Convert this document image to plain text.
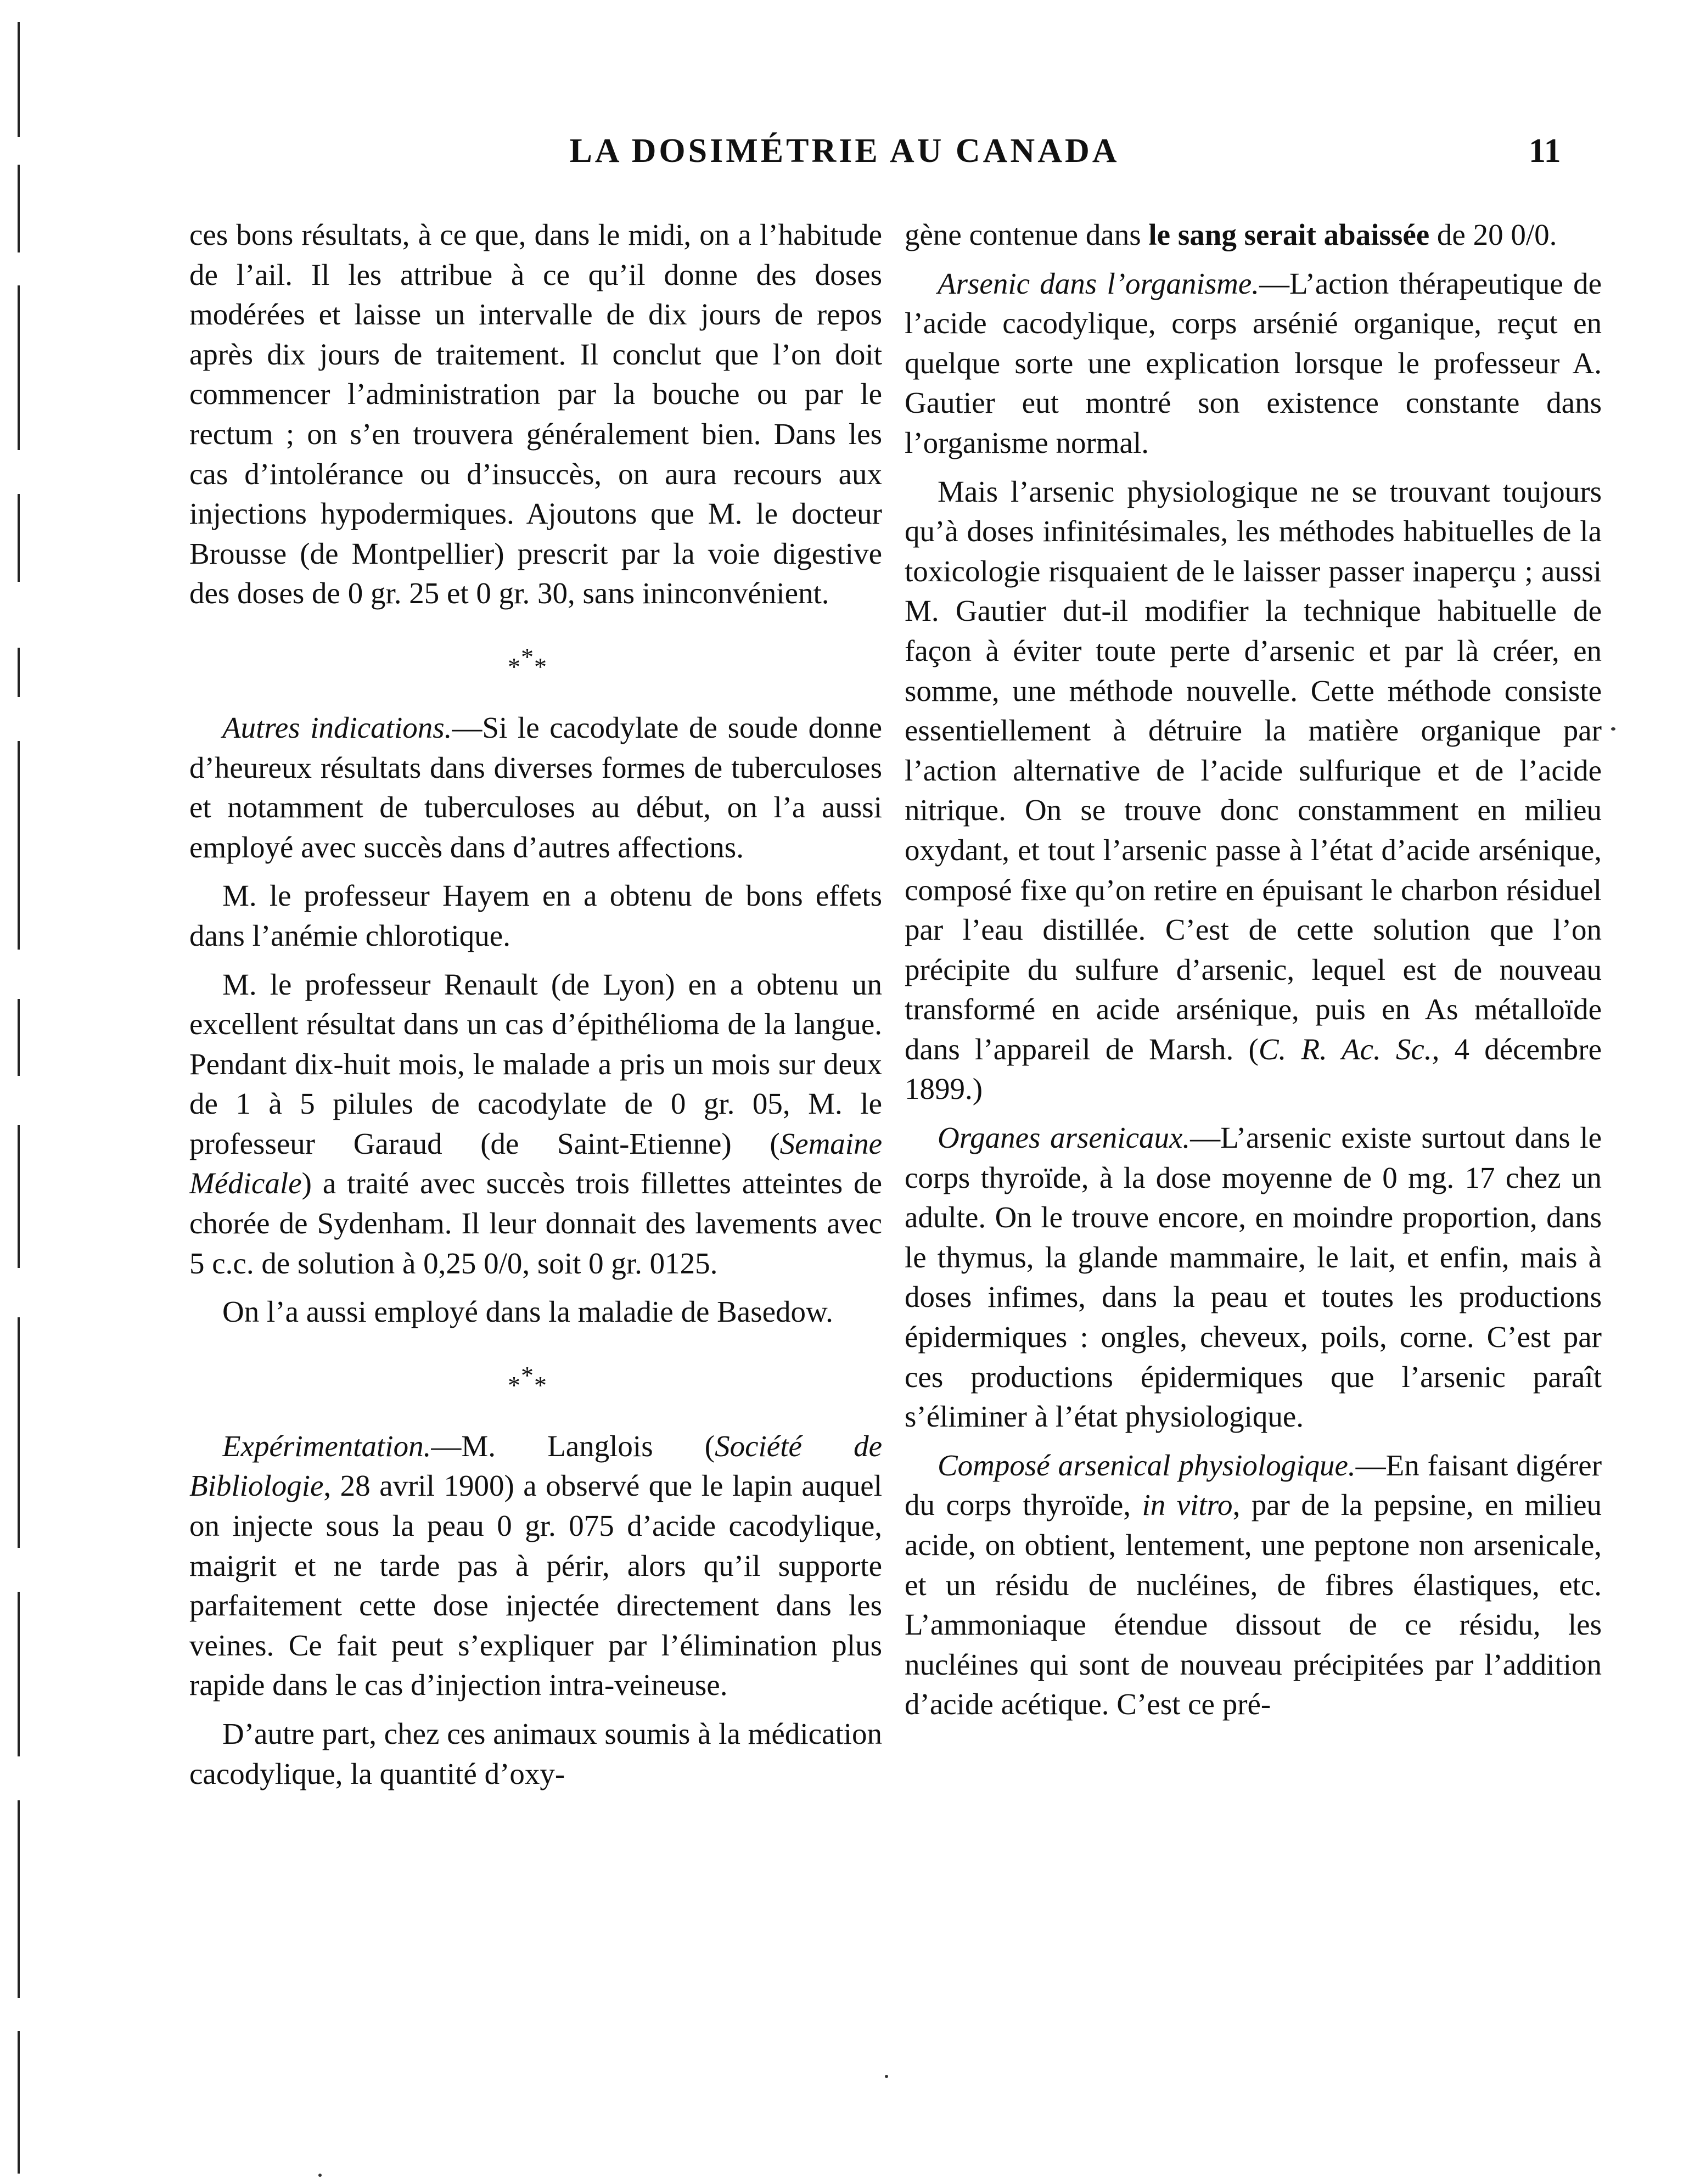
LA DOSIMÉTRIE AU CANADA	11

ces bons résultats, à ce que, dans le midi, on a l’habitude de l’ail. Il les attribue à ce qu’il donne des doses modérées et laisse un intervalle de dix jours de repos après dix jours de traitement. Il conclut que l’on doit commencer l’administration par la bouche ou par le rectum ; on s’en trouvera généralement bien. Dans les cas d’intolérance ou d’insuccès, on aura recours aux injections hypodermiques. Ajoutons que M. le docteur Brousse (de Montpellier) prescrit par la voie digestive des doses de 0 gr. 25 et 0 gr. 30, sans ininconvénient.

* * *

Autres indications.—Si le cacodylate de soude donne d’heureux résultats dans diverses formes de tuberculoses et notamment de tuberculoses au début, on l’a aussi employé avec succès dans d’autres affections.

M. le professeur Hayem en a obtenu de bons effets dans l’anémie chlorotique.

M. le professeur Renault (de Lyon) en a obtenu un excellent résultat dans un cas d’épithélioma de la langue. Pendant dix-huit mois, le malade a pris un mois sur deux de 1 à 5 pilules de cacodylate de 0 gr. 05, M. le professeur Garaud (de Saint-Etienne) (Semaine Médicale) a traité avec succès trois fillettes atteintes de chorée de Sydenham. Il leur donnait des lavements avec 5 c.c. de solution à 0,25 0/0, soit 0 gr. 0125.

On l’a aussi employé dans la maladie de Basedow.

* * *

Expérimentation.—M. Langlois (Société de Bibliologie, 28 avril 1900) a observé que le lapin auquel on injecte sous la peau 0 gr. 075 d’acide cacodylique, maigrit et ne tarde pas à périr, alors qu’il supporte parfaitement cette dose injectée directement dans les veines. Ce fait peut s’expliquer par l’élimination plus rapide dans le cas d’injection intra-veineuse.

D’autre part, chez ces animaux soumis à la médication cacodylique, la quantité d’oxy-

gène contenue dans le sang serait abaissée de 20 0/0.

Arsenic dans l’organisme.—L’action thérapeutique de l’acide cacodylique, corps arsénié organique, reçut en quelque sorte une explication lorsque le professeur A. Gautier eut montré son existence constante dans l’organisme normal.

Mais l’arsenic physiologique ne se trouvant toujours qu’à doses infinitésimales, les méthodes habituelles de la toxicologie risquaient de le laisser passer inaperçu ; aussi M. Gautier dut-il modifier la technique habituelle de façon à éviter toute perte d’arsenic et par là créer, en somme, une méthode nouvelle. Cette méthode consiste essentiellement à détruire la matière organique par l’action alternative de l’acide sulfurique et de l’acide nitrique. On se trouve donc constamment en milieu oxydant, et tout l’arsenic passe à l’état d’acide arsénique, composé fixe qu’on retire en épuisant le charbon résiduel par l’eau distillée. C’est de cette solution que l’on précipite du sulfure d’arsenic, lequel est de nouveau transformé en acide arsénique, puis en As métalloïde dans l’appareil de Marsh. (C. R. Ac. Sc., 4 décembre 1899.)

Organes arsenicaux.—L’arsenic existe surtout dans le corps thyroïde, à la dose moyenne de 0 mg. 17 chez un adulte. On le trouve encore, en moindre proportion, dans le thymus, la glande mammaire, le lait, et enfin, mais à doses infimes, dans la peau et toutes les productions épidermiques : ongles, cheveux, poils, corne. C’est par ces productions épidermiques que l’arsenic paraît s’éliminer à l’état physiologique.

Composé arsenical physiologique.—En faisant digérer du corps thyroïde, in vitro, par de la pepsine, en milieu acide, on obtient, lentement, une peptone non arsenicale, et un résidu de nucléines, de fibres élastiques, etc. L’ammoniaque étendue dissout de ce résidu, les nucléines qui sont de nouveau précipitées par l’addition d’acide acétique. C’est ce pré-
